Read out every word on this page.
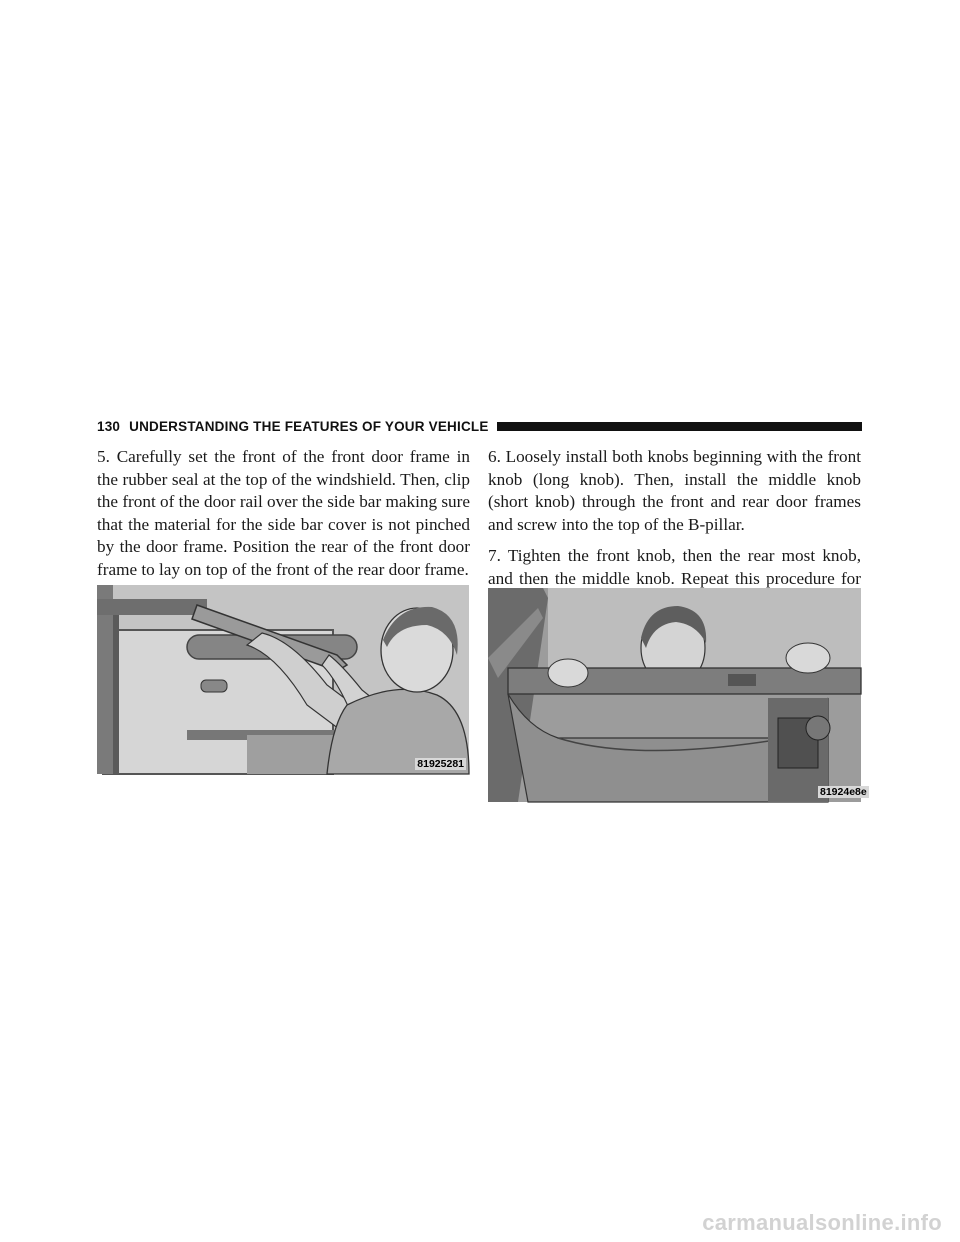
130 UNDERSTANDING THE FEATURES OF YOUR VEHICLE

5. Carefully set the front of the front door frame in the rubber seal at the top of the windshield. Then, clip the front of the door rail over the side bar making sure that the material for the side bar cover is not pinched by the door frame. Position the rear of the front door frame to lay on top of the front of the rear door frame.

6. Loosely install both knobs beginning with the front knob (long knob). Then, install the middle knob (short knob) through the front and rear door frames and screw into the top of the B-pillar.

7. Tighten the front knob, then the rear most knob, and then the middle knob. Repeat this procedure for

81925281
81924e8e
carmanualsonline.info
